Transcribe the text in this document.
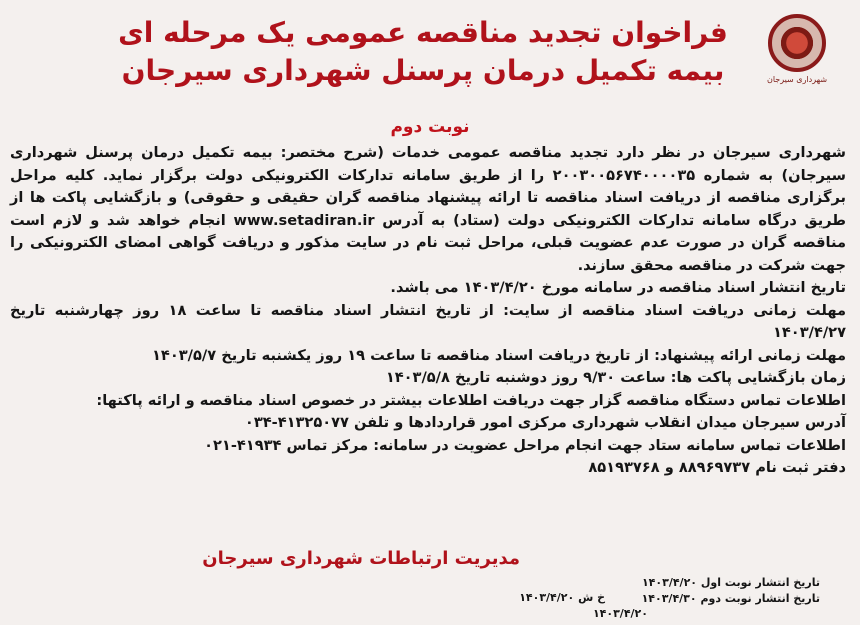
شهرداری سیرجان
فراخوان تجدید مناقصه عمومی یک مرحله ای بیمه تکمیل درمان پرسنل شهرداری سیرجان
نوبت دوم

شهرداری سیرجان در نظر دارد تجدید مناقصه عمومی خدمات (شرح مختصر: بیمه تکمیل درمان پرسنل شهرداری سیرجان) به شماره ۲۰۰۳۰۰۵۶۷۴۰۰۰۰۳۵ را از طریق سامانه تدارکات الکترونیکی دولت برگزار نماید. کلیه مراحل برگزاری مناقصه از دریافت اسناد مناقصه تا ارائه پیشنهاد مناقصه گران حقیقی و حقوقی) و بازگشایی پاکت ها از طریق درگاه سامانه تدارکات الکترونیکی دولت (ستاد) به آدرس www.setadiran.ir انجام خواهد شد و لازم است مناقصه گران در صورت عدم عضویت قبلی، مراحل ثبت نام در سایت مذکور و دریافت گواهی امضای الکترونیکی را جهت شرکت در مناقصه محقق سازند.

تاریخ انتشار اسناد مناقصه در سامانه مورخ ۱۴۰۳/۴/۲۰ می باشد.

مهلت زمانی دریافت اسناد مناقصه از سایت: از تاریخ انتشار اسناد مناقصه تا ساعت ۱۸ روز چهارشنبه تاریخ ۱۴۰۳/۴/۲۷

مهلت زمانی ارائه پیشنهاد: از تاریخ دریافت اسناد مناقصه تا ساعت ۱۹ روز یکشنبه تاریخ ۱۴۰۳/۵/۷

زمان بازگشایی پاکت ها: ساعت ۹/۳۰ روز دوشنبه تاریخ ۱۴۰۳/۵/۸

اطلاعات تماس دستگاه مناقصه گزار جهت دریافت اطلاعات بیشتر در خصوص اسناد مناقصه و ارائه پاکتها:

آدرس سیرجان میدان انقلاب شهرداری مرکزی امور قراردادها و تلفن ۴۱۳۲۵۰۷۷-۰۳۴

اطلاعات تماس سامانه ستاد جهت انجام مراحل عضویت در سامانه: مرکز تماس ۴۱۹۳۴-۰۲۱

دفتر ثبت نام ۸۸۹۶۹۷۳۷ و ۸۵۱۹۳۷۶۸

مدیریت ارتباطات شهرداری سیرجان
تاریخ انتشار نوبت اول ۱۴۰۳/۴/۲۰
تاریخ انتشار نوبت دوم ۱۴۰۳/۴/۳۰
خ ش ۱۴۰۳/۴/۲۰
۱۴۰۳/۴/۲۰
